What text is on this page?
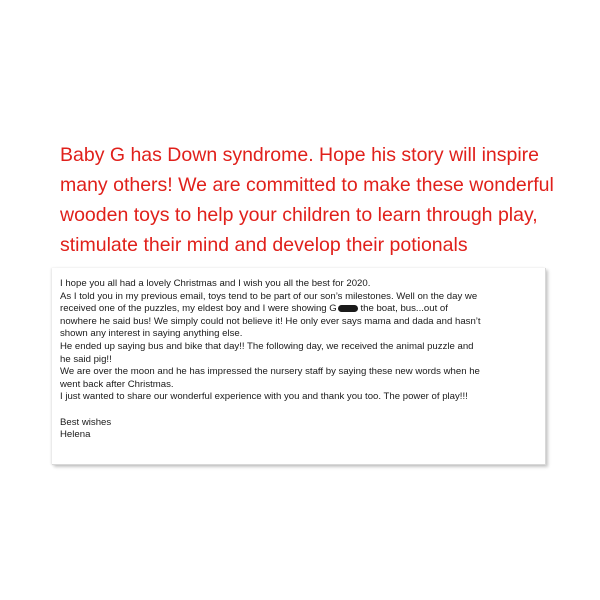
Baby G has Down syndrome. Hope his story will inspire
many others! We are committed to make these wonderful
wooden toys to help your children to learn through play,
stimulate their mind and develop their potionals
I hope you all had a lovely Christmas and I wish you all the best for 2020.
As I told you in my previous email, toys tend to be part of our son’s milestones. Well on the day we
received one of the puzzles, my eldest boy and I were showing G the boat, bus...out of
nowhere he said bus! We simply could not believe it! He only ever says mama and dada and hasn’t
shown any interest in saying anything else.
He ended up saying bus and bike that day!! The following day, we received the animal puzzle and
he said pig!!
We are over the moon and he has impressed the nursery staff by saying these new words when he
went back after Christmas.
I just wanted to share our wonderful experience with you and thank you too. The power of play!!!
Best wishes
Helena
